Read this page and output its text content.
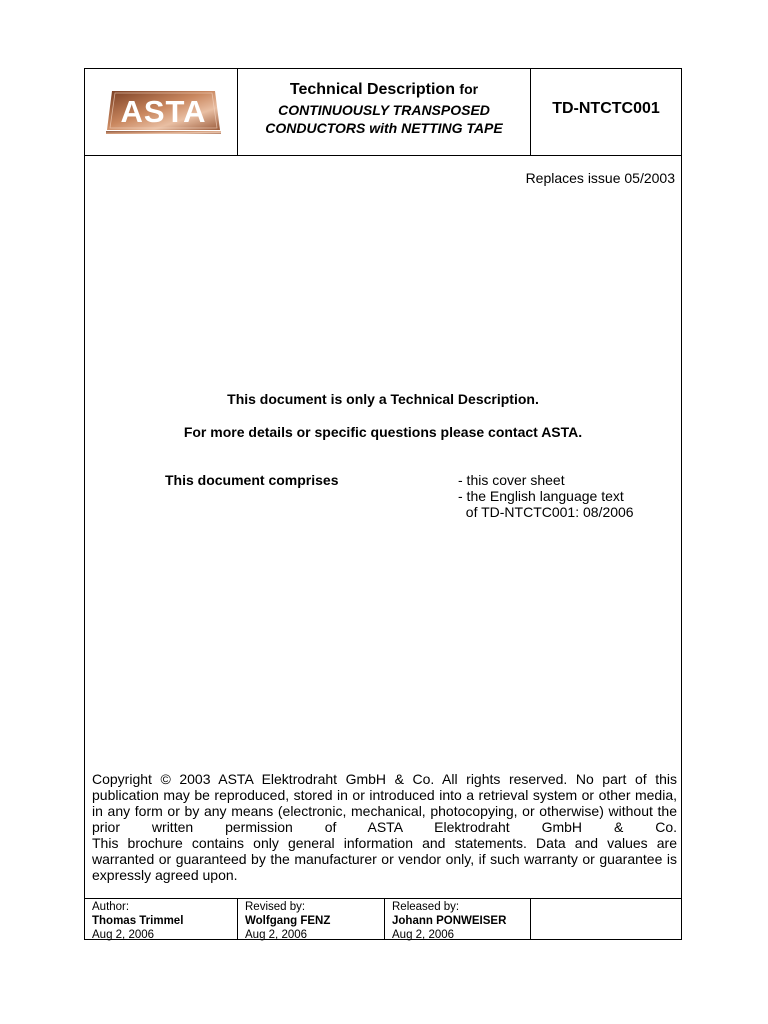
ASTA
Technical Description for
CONTINUOUSLY TRANSPOSED
CONDUCTORS with NETTING TAPE
TD-NTCTC001
Replaces issue 05/2003
This document is only a Technical Description.
For more details or specific questions please contact ASTA.
This document comprises	- this cover sheet
- the English language text
of TD-NTCTC001: 08/2006

Copyright © 2003 ASTA Elektrodraht GmbH & Co. All rights reserved. No part of this publication may be reproduced, stored in or introduced into a retrieval system or other media, in any form or by any means (electronic, mechanical, photocopying, or otherwise) without the prior written permission of ASTA Elektrodraht GmbH & Co.

This brochure contains only general information and statements. Data and values are warranted or guaranteed by the manufacturer or vendor only, if such warranty or guarantee is expressly agreed upon.

Author:
Thomas Trimmel
Aug 2, 2006
Revised by:
Wolfgang FENZ
Aug 2, 2006
Released by:
Johann PONWEISER
Aug 2, 2006
